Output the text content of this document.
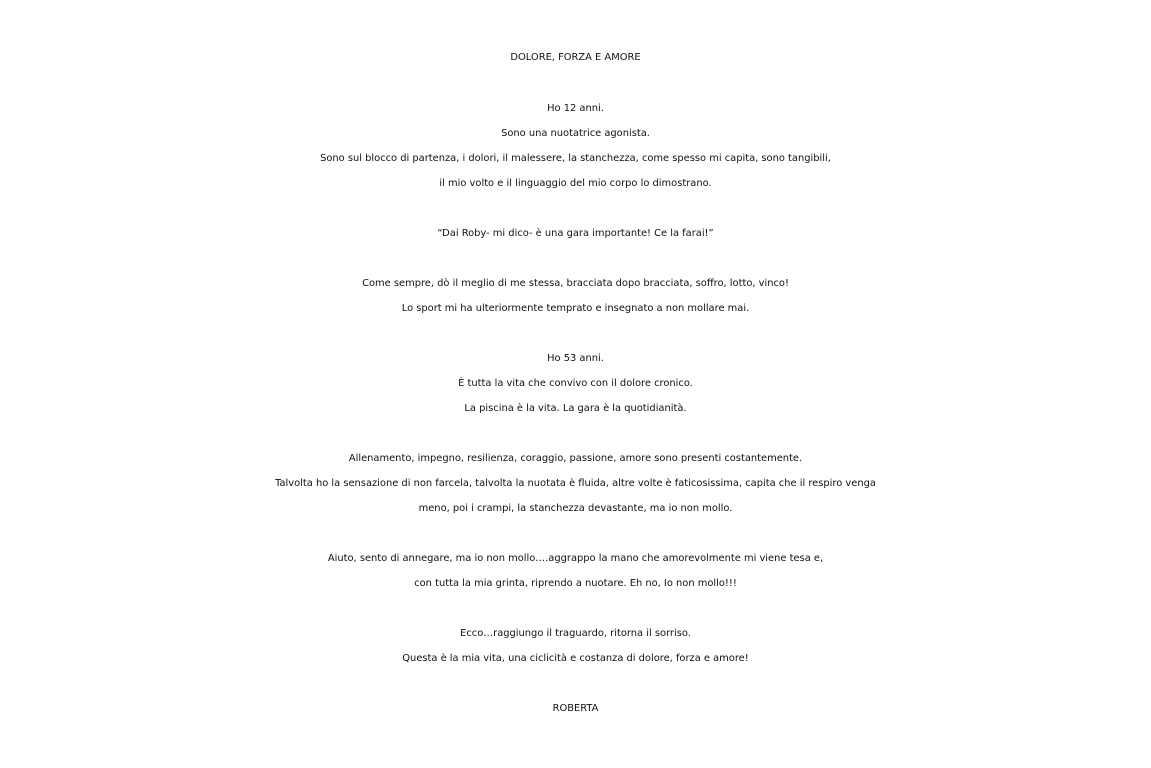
DOLORE, FORZA E AMORE
Ho 12 anni.
Sono una nuotatrice agonista.
Sono sul blocco di partenza, i dolori, il malessere, la stanchezza, come spesso mi capita, sono tangibili,
il mio volto e il linguaggio del mio corpo lo dimostrano.
“Dai Roby- mi dico- è una gara importante! Ce la farai!”
Come sempre, dò il meglio di me stessa, bracciata dopo bracciata, soffro, lotto, vinco!
Lo sport mi ha ulteriormente temprato e insegnato a non mollare mai.
Ho 53 anni.
È tutta la vita che convivo con il dolore cronico.
La piscina è la vita. La gara è la quotidianità.
Allenamento, impegno, resilienza, coraggio, passione, amore sono presenti costantemente.
Talvolta ho la sensazione di non farcela, talvolta la nuotata è fluida, altre volte è faticosissima, capita che il respiro venga
meno, poi i crampi, la stanchezza devastante, ma io non mollo.
Aiuto, sento di annegare, ma io non mollo….aggrappo la mano che amorevolmente mi viene tesa e,
con tutta la mia grinta, riprendo a nuotare. Eh no, Io non mollo!!!
Ecco…raggiungo il traguardo, ritorna il sorriso.
Questa è la mia vita, una ciclicità e costanza di dolore, forza e amore!
ROBERTA
